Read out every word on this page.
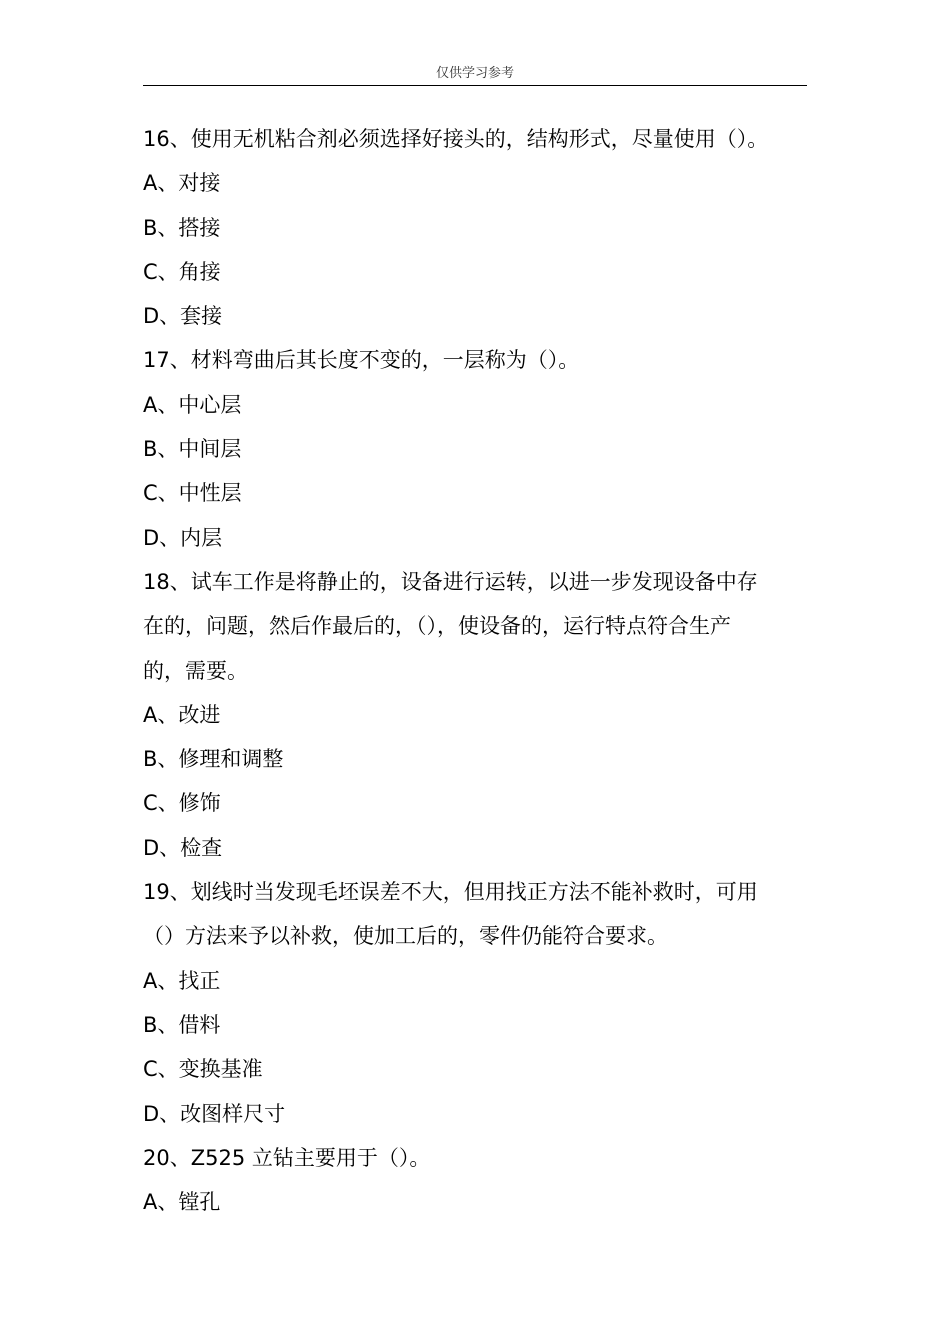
仅供学习参考
16、使用无机粘合剂必须选择好接头的，结构形式，尽量使用（）。
A、对接
B、搭接
C、角接
D、套接
17、材料弯曲后其长度不变的，一层称为（）。
A、中心层
B、中间层
C、中性层
D、内层
18、试车工作是将静止的，设备进行运转，以进一步发现设备中存
在的，问题，然后作最后的，（），使设备的，运行特点符合生产
的，需要。
A、改进
B、修理和调整
C、修饰
D、检查
19、划线时当发现毛坯误差不大，但用找正方法不能补救时，可用
（）方法来予以补救，使加工后的，零件仍能符合要求。
A、找正
B、借料
C、变换基准
D、改图样尺寸
20、Z525 立钻主要用于（）。
A、镗孔
